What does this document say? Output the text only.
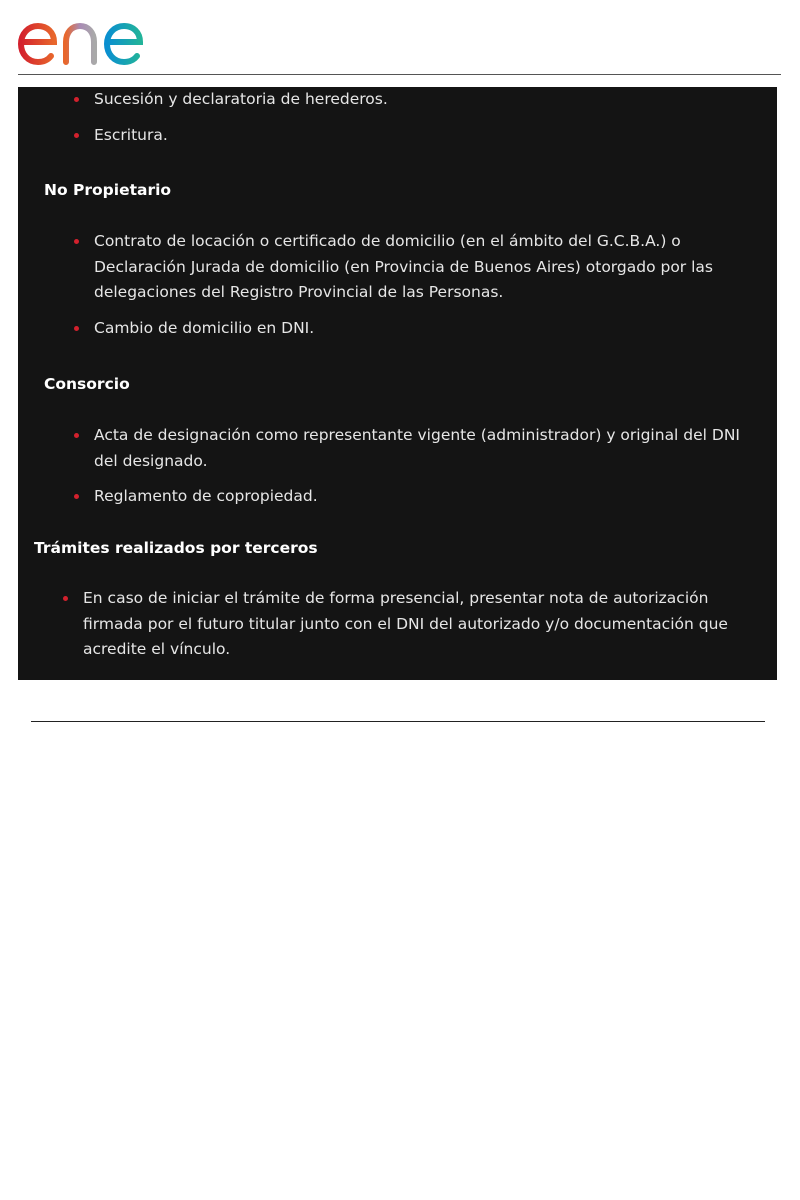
Sucesión y declaratoria de herederos.
Escritura.
No Propietario
Contrato de locación o certificado de domicilio (en el ámbito del G.C.B.A.) o Declaración Jurada de domicilio (en Provincia de Buenos Aires) otorgado por las delegaciones del Registro Provincial de las Personas.
Cambio de domicilio en DNI.
Consorcio
Acta de designación como representante vigente (administrador) y original del DNI del designado.
Reglamento de copropiedad.
Trámites realizados por terceros
En caso de iniciar el trámite de forma presencial, presentar nota de autorización firmada por el futuro titular junto con el DNI del autorizado y/o documentación que acredite el vínculo.
